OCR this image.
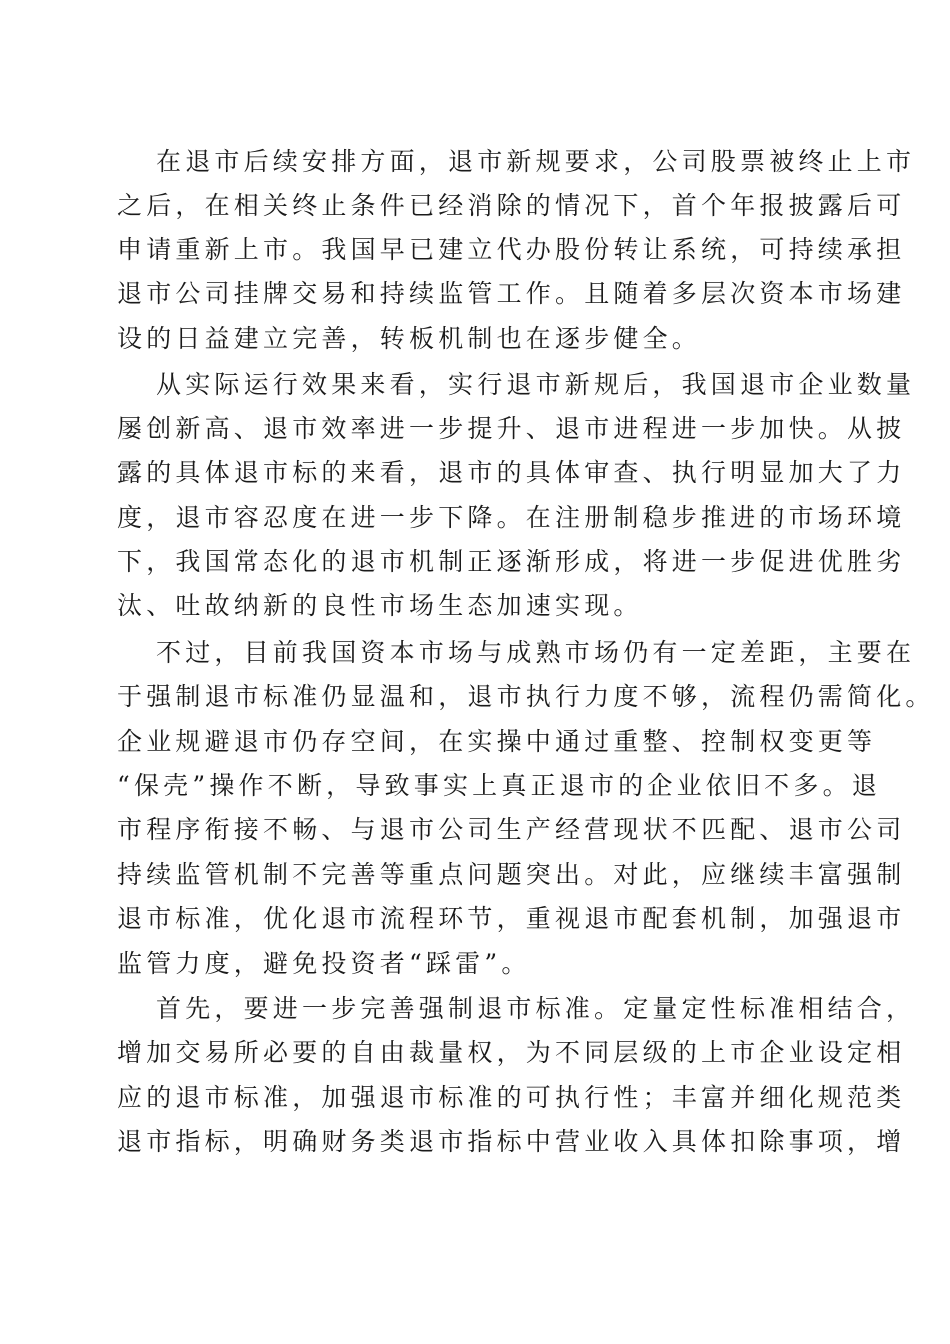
在退市后续安排方面，退市新规要求，公司股票被终止上市
之后，在相关终止条件已经消除的情况下，首个年报披露后可
申请重新上市。我国早已建立代办股份转让系统，可持续承担
退市公司挂牌交易和持续监管工作。且随着多层次资本市场建
设的日益建立完善，转板机制也在逐步健全。
从实际运行效果来看，实行退市新规后，我国退市企业数量
屡创新高、退市效率进一步提升、退市进程进一步加快。从披
露的具体退市标的来看，退市的具体审查、执行明显加大了力
度，退市容忍度在进一步下降。在注册制稳步推进的市场环境
下，我国常态化的退市机制正逐渐形成，将进一步促进优胜劣
汰、吐故纳新的良性市场生态加速实现。
不过，目前我国资本市场与成熟市场仍有一定差距，主要在
于强制退市标准仍显温和，退市执行力度不够，流程仍需简化。
企业规避退市仍存空间，在实操中通过重整、控制权变更等
“保壳”操作不断，导致事实上真正退市的企业依旧不多。退
市程序衔接不畅、与退市公司生产经营现状不匹配、退市公司
持续监管机制不完善等重点问题突出。对此，应继续丰富强制
退市标准，优化退市流程环节，重视退市配套机制，加强退市
监管力度，避免投资者“踩雷”。
首先，要进一步完善强制退市标准。定量定性标准相结合，
增加交易所必要的自由裁量权，为不同层级的上市企业设定相
应的退市标准，加强退市标准的可执行性；丰富并细化规范类
退市指标，明确财务类退市指标中营业收入具体扣除事项，增
